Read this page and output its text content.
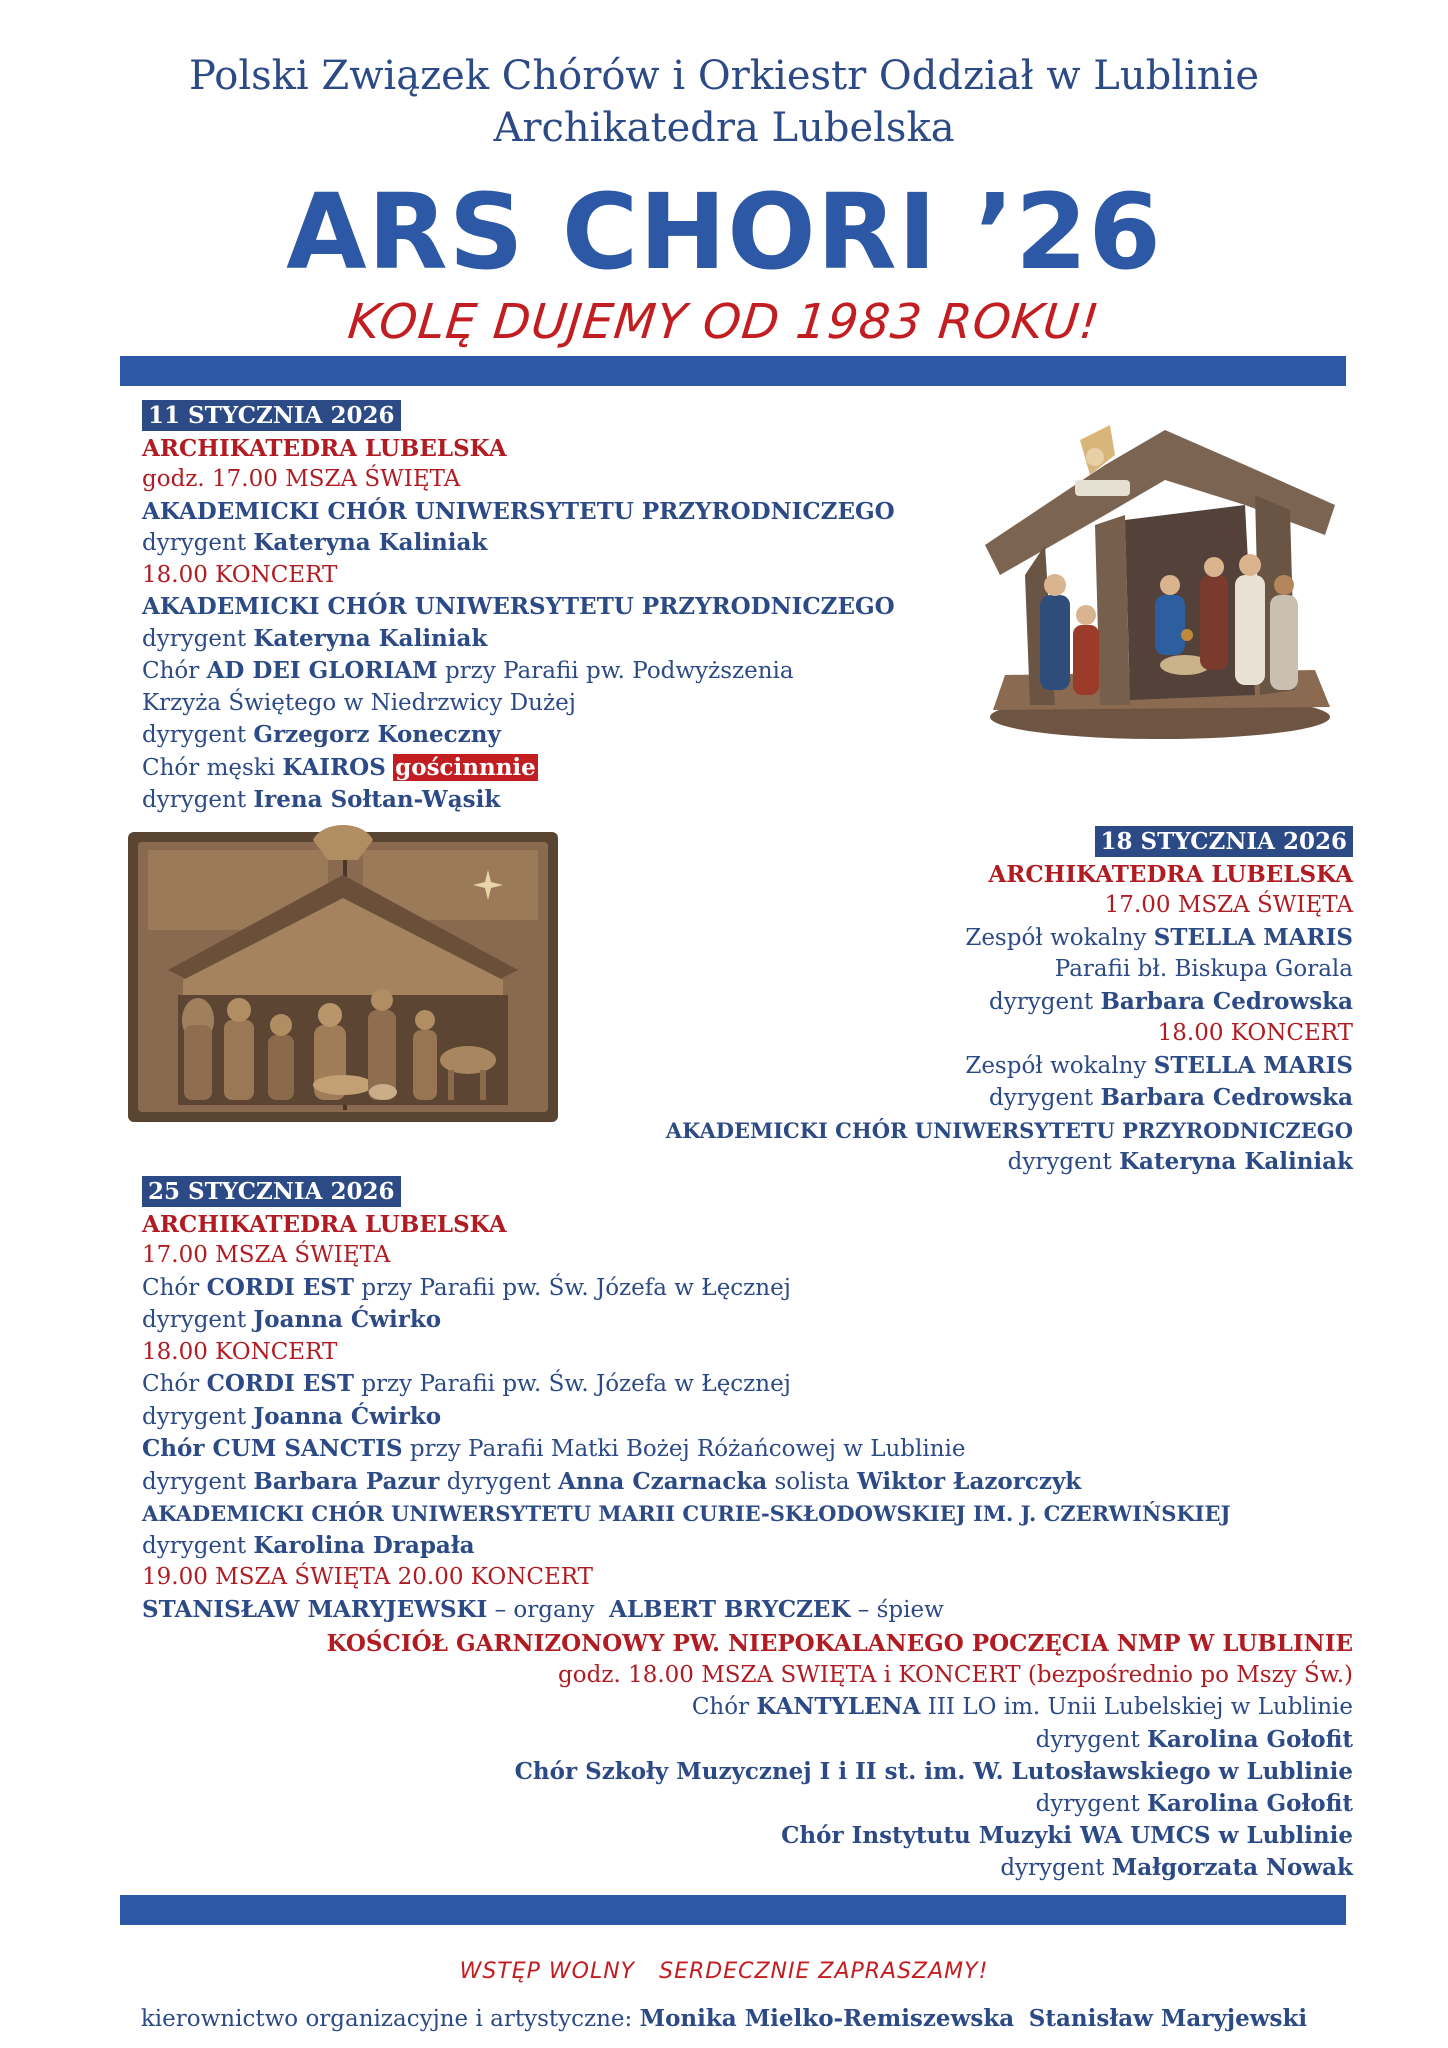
Polski Związek Chórów i Orkiestr Oddział w Lublinie
Archikatedra Lubelska
ARS CHORI ’26
KOLĘ DUJEMY OD 1983 ROKU!
11 STYCZNIA 2026
ARCHIKATEDRA LUBELSKA
godz. 17.00 MSZA ŚWIĘTA
AKADEMICKI CHÓR UNIWERSYTETU PRZYRODNICZEGO
dyrygent Kateryna Kaliniak
18.00 KONCERT
AKADEMICKI CHÓR UNIWERSYTETU PRZYRODNICZEGO
dyrygent Kateryna Kaliniak
Chór AD DEI GLORIAM przy Parafii pw. Podwyższenia
Krzyża Świętego w Niedrzwicy Dużej
dyrygent Grzegorz Koneczny
Chór męski KAIROS gościnnnie
dyrygent Irena Sołtan-Wąsik
18 STYCZNIA 2026
ARCHIKATEDRA LUBELSKA
17.00 MSZA ŚWIĘTA
Zespół wokalny STELLA MARIS
Parafii bł. Biskupa Gorala
dyrygent Barbara Cedrowska
18.00 KONCERT
Zespół wokalny STELLA MARIS
dyrygent Barbara Cedrowska
AKADEMICKI CHÓR UNIWERSYTETU PRZYRODNICZEGO
dyrygent Kateryna Kaliniak
25 STYCZNIA 2026
ARCHIKATEDRA LUBELSKA
17.00 MSZA ŚWIĘTA
Chór CORDI EST przy Parafii pw. Św. Józefa w Łęcznej
dyrygent Joanna Ćwirko
18.00 KONCERT
Chór CORDI EST przy Parafii pw. Św. Józefa w Łęcznej
dyrygent Joanna Ćwirko
Chór CUM SANCTIS przy Parafii Matki Bożej Różańcowej w Lublinie
dyrygent Barbara Pazur dyrygent Anna Czarnacka solista Wiktor Łazorczyk
AKADEMICKI CHÓR UNIWERSYTETU MARII CURIE-SKŁODOWSKIEJ IM. J. CZERWIŃSKIEJ
dyrygent Karolina Drapała
19.00 MSZA ŚWIĘTA 20.00 KONCERT
STANISŁAW MARYJEWSKI – organy ALBERT BRYCZEK – śpiew
KOŚCIÓŁ GARNIZONOWY PW. NIEPOKALANEGO POCZĘCIA NMP W LUBLINIE
godz. 18.00 MSZA SWIĘTA i KONCERT (bezpośrednio po Mszy Św.)
Chór KANTYLENA III LO im. Unii Lubelskiej w Lublinie
dyrygent Karolina Gołofit
Chór Szkoły Muzycznej I i II st. im. W. Lutosławskiego w Lublinie
dyrygent Karolina Gołofit
Chór Instytutu Muzyki WA UMCS w Lublinie
dyrygent Małgorzata Nowak
WSTĘP WOLNY SERDECZNIE ZAPRASZAMY!
kierownictwo organizacyjne i artystyczne: Monika Mielko-Remiszewska Stanisław Maryjewski
